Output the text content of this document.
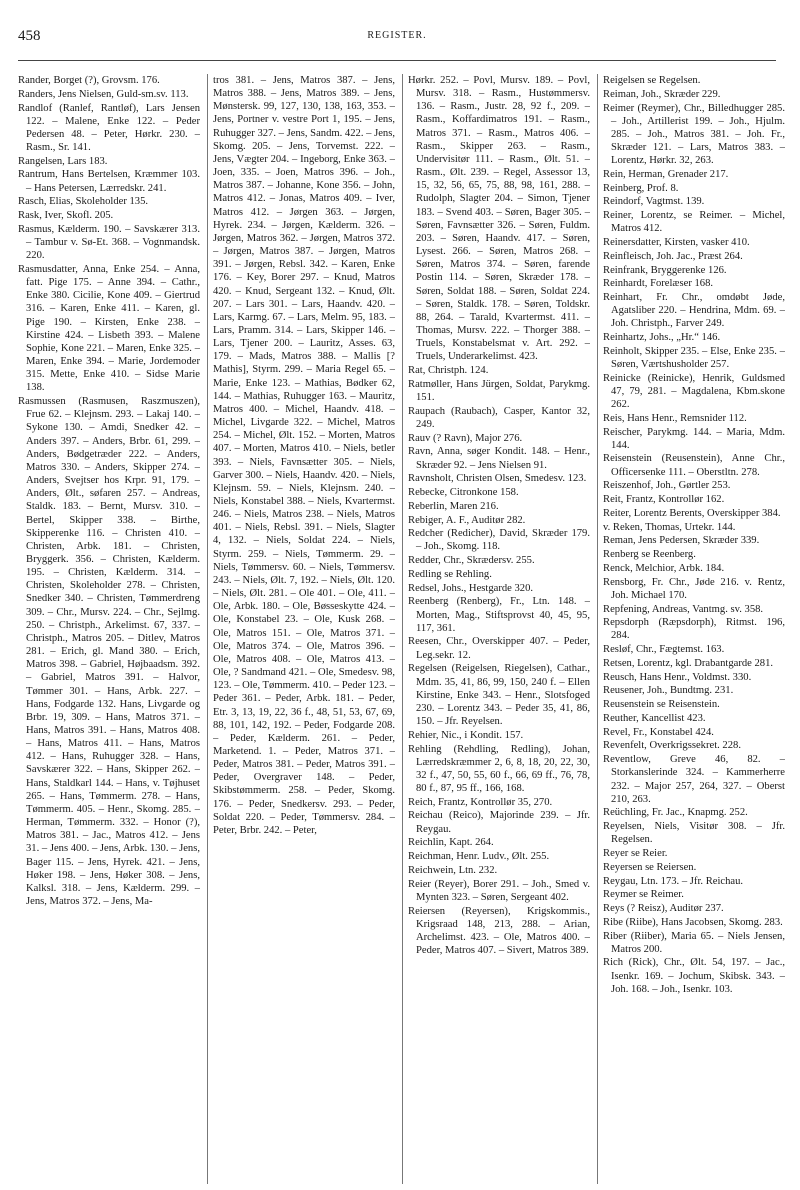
458	REGISTER.

Rander, Borget (?), Grovsm. 176.

Randers, Jens Nielsen, Guld-sm.sv. 113.

Randlof (Ranlef, Rantløf), Lars Jensen 122. – Malene, Enke 122. – Peder Pedersen 48. – Peter, Hørkr. 230. – Rasm., Sr. 141.

Rangelsen, Lars 183.

Rantrum, Hans Bertelsen, Kræmmer 103. – Hans Petersen, Lærredskr. 241.

Rasch, Elias, Skoleholder 135.

Rask, Iver, Skofl. 205.

Rasmus, Kælderm. 190. – Savskærer 313. – Tambur v. Sø-Et. 368. – Vognmandsk. 220.

Rasmusdatter, Anna, Enke 254. – Anna, fatt. Pige 175. – Anne 394. – Cathr., Enke 380. Cicilie, Kone 409. – Giertrud 316. – Karen, Enke 411. – Karen, gl. Pige 190. – Kirsten, Enke 238. – Kirstine 424. – Lisbeth 393. – Malene Sophie, Kone 221. – Maren, Enke 325. – Maren, Enke 394. – Marie, Jordemoder 315. Mette, Enke 410. – Sidse Marie 138.

Rasmussen (Rasmusen, Raszmuszen), Frue 62. – Klejnsm. 293. – Lakaj 140. – Sykone 130. – Amdi, Snedker 42. – Anders 397. – Anders, Brbr. 61, 299. – Anders, Bødgetræder 222. – Anders, Matros 330. – Anders, Skipper 274. – Anders, Svejtser hos Krpr. 91, 179. – Anders, Ølt., søfaren 257. – Andreas, Staldk. 183. – Bernt, Mursv. 310. – Bertel, Skipper 338. – Birthe, Skipperenke 116. – Christen 410. – Christen, Arbk. 181. – Christen, Bryggerk. 356. – Christen, Kælderm. 195. – Christen, Kælderm. 314. – Christen, Skoleholder 278. – Christen, Snedker 340. – Christen, Tømmerdreng 309. – Chr., Mursv. 224. – Chr., Sejlmg. 250. – Christph., Arkelimst. 67, 337. – Christph., Matros 205. – Ditlev, Matros 281. – Erich, gl. Mand 380. – Erich, Matros 398. – Gabriel, Højbaadsm. 392. – Gabriel, Matros 391. – Halvor, Tømmer 301. – Hans, Arbk. 227. – Hans, Fodgarde 132. Hans, Livgarde og Brbr. 19, 309. – Hans, Matros 371. – Hans, Matros 391. – Hans, Matros 408. – Hans, Matros 411. – Hans, Matros 412. – Hans, Ruhugger 328. – Hans, Savskærer 322. – Hans, Skipper 262. – Hans, Staldkarl 144. – Hans, v. Tøjhuset 265. – Hans, Tømmerm. 278. – Hans, Tømmerm. 405. – Henr., Skomg. 285. – Herman, Tømmerm. 332. – Honor (?), Matros 381. – Jac., Matros 412. – Jens 31. – Jens 400. – Jens, Arbk. 130. – Jens, Bager 115. – Jens, Hyrek. 421. – Jens, Høker 198. – Jens, Høker 308. – Jens, Kalksl. 318. – Jens, Kælderm. 299. – Jens, Matros 372. – Jens, Ma-

tros 381. – Jens, Matros 387. – Jens, Matros 388. – Jens, Matros 389. – Jens, Mønstersk. 99, 127, 130, 138, 163, 353. – Jens, Portner v. vestre Port 1, 195. – Jens, Ruhugger 327. – Jens, Sandm. 422. – Jens, Skomg. 205. – Jens, Torvemst. 222. – Jens, Vægter 204. – Ingeborg, Enke 363. – Joen, 335. – Joen, Matros 396. – Joh., Matros 387. – Johanne, Kone 356. – John, Matros 412. – Jonas, Matros 409. – Iver, Matros 412. – Jørgen 363. – Jørgen, Hyrek. 234. – Jørgen, Kælderm. 326. – Jørgen, Matros 362. – Jørgen, Matros 372. – Jørgen, Matros 387. – Jørgen, Matros 391. – Jørgen, Rebsl. 342. – Karen, Enke 176. – Key, Borer 297. – Knud, Matros 420. – Knud, Sergeant 132. – Knud, Ølt. 207. – Lars 301. – Lars, Haandv. 420. – Lars, Karmg. 67. – Lars, Melm. 95, 183. – Lars, Pramm. 314. – Lars, Skipper 146. – Lars, Tjener 200. – Lauritz, Asses. 63, 179. – Mads, Matros 388. – Mallis [? Mathis], Styrm. 299. – Maria Regel 65. – Marie, Enke 123. – Mathias, Bødker 62, 144. – Mathias, Ruhugger 163. – Mauritz, Matros 400. – Michel, Haandv. 418. – Michel, Livgarde 322. – Michel, Matros 254. – Michel, Ølt. 152. – Morten, Matros 407. – Morten, Matros 410. – Niels, betler 393. – Niels, Favnsætter 305. – Niels, Garver 300. – Niels, Haandv. 420. – Niels, Klejnsm. 59. – Niels, Klejnsm. 240. – Niels, Konstabel 388. – Niels, Kvartermst. 246. – Niels, Matros 238. – Niels, Matros 401. – Niels, Rebsl. 391. – Niels, Slagter 4, 132. – Niels, Soldat 224. – Niels, Styrm. 259. – Niels, Tømmerm. 29. – Niels, Tømmersv. 60. – Niels, Tømmersv. 243. – Niels, Ølt. 7, 192. – Niels, Ølt. 120. – Niels, Ølt. 281. – Ole 401. – Ole, 411. – Ole, Arbk. 180. – Ole, Bøsseskytte 424. – Ole, Konstabel 23. – Ole, Kusk 268. – Ole, Matros 151. – Ole, Matros 371. – Ole, Matros 374. – Ole, Matros 396. – Ole, Matros 408. – Ole, Matros 413. – Ole, ? Sandmand 421. – Ole, Smedesv. 98, 123. – Ole, Tømmerm. 410. – Peder 123. – Peder 361. – Peder, Arbk. 181. – Peder, Etr. 3, 13, 19, 22, 36 f., 48, 51, 53, 67, 69, 88, 101, 142, 192. – Peder, Fodgarde 208. – Peder, Kælderm. 261. – Peder, Marketend. 1. – Peder, Matros 371. – Peder, Matros 381. – Peder, Matros 391. – Peder, Overgraver 148. – Peder, Skibstømmerm. 258. – Peder, Skomg. 176. – Peder, Snedkersv. 293. – Peder, Soldat 220. – Peder, Tømmersv. 284. – Peter, Brbr. 242. – Peter,

Hørkr. 252. – Povl, Mursv. 189. – Povl, Mursv. 318. – Rasm., Hustømmersv. 136. – Rasm., Justr. 28, 92 f., 209. – Rasm., Koffardimatros 191. – Rasm., Matros 371. – Rasm., Matros 406. – Rasm., Skipper 263. – Rasm., Undervisitør 111. – Rasm., Ølt. 51. – Rasm., Ølt. 239. – Regel, Assessor 13, 15, 32, 56, 65, 75, 88, 98, 161, 288. – Rudolph, Slagter 204. – Simon, Tjener 183. – Svend 403. – Søren, Bager 305. – Søren, Favnsætter 326. – Søren, Fuldm. 203. – Søren, Haandv. 417. – Søren, Lysest. 266. – Søren, Matros 268. – Søren, Matros 374. – Søren, farende Postin 114. – Søren, Skræder 178. – Søren, Soldat 188. – Søren, Soldat 224. – Søren, Staldk. 178. – Søren, Toldskr. 88, 264. – Tarald, Kvartermst. 411. – Thomas, Mursv. 222. – Thorger 388. – Truels, Konstabelsmat v. Art. 292. – Truels, Underarkelimst. 423.

Rat, Christph. 124.

Ratmøller, Hans Jürgen, Soldat, Parykmg. 151.

Raupach (Raubach), Casper, Kantor 32, 249.

Rauv (? Ravn), Major 276.

Ravn, Anna, søger Kondit. 148. – Henr., Skræder 92. – Jens Nielsen 91.

Ravnsholt, Christen Olsen, Smedesv. 123.

Rebecke, Citronkone 158.

Reberlin, Maren 216.

Rebiger, A. F., Auditør 282.

Redcher (Redicher), David, Skræder 179. – Joh., Skomg. 118.

Redder, Chr., Skrædersv. 255.

Redling se Rehling.

Redsel, Johs., Hestgarde 320.

Reenberg (Renberg), Fr., Ltn. 148. – Morten, Mag., Stiftsprovst 40, 45, 95, 117, 361.

Reesen, Chr., Overskipper 407. – Peder, Leg.sekr. 12.

Regelsen (Reigelsen, Riegelsen), Cathar., Mdm. 35, 41, 86, 99, 150, 240 f. – Ellen Kirstine, Enke 343. – Henr., Slotsfoged 230. – Lorentz 343. – Peder 35, 41, 86, 150. – Jfr. Reyelsen.

Rehier, Nic., i Kondit. 157.

Rehling (Rehdling, Redling), Johan, Lærredskræmmer 2, 6, 8, 18, 20, 22, 30, 32 f., 47, 50, 55, 60 f., 66, 69 ff., 76, 78, 80 f., 87, 95 ff., 166, 168.

Reich, Frantz, Kontrollør 35, 270.

Reichau (Reico), Majorinde 239. – Jfr. Reygau.

Reichlin, Kapt. 264.

Reichman, Henr. Ludv., Ølt. 255.

Reichwein, Ltn. 232.

Reier (Reyer), Borer 291. – Joh., Smed v. Mynten 323. – Søren, Sergeant 402.

Reiersen (Reyersen), Krigskommis., Krigsraad 148, 213, 288. – Arian, Archelimst. 423. – Ole, Matros 400. – Peder, Matros 407. – Sivert, Matros 389.

Reigelsen se Regelsen.

Reiman, Joh., Skræder 229.

Reimer (Reymer), Chr., Billedhugger 285. – Joh., Artillerist 199. – Joh., Hjulm. 285. – Joh., Matros 381. – Joh. Fr., Skræder 121. – Lars, Matros 383. – Lorentz, Hørkr. 32, 263.

Rein, Herman, Grenader 217.

Reinberg, Prof. 8.

Reindorf, Vagtmst. 139.

Reiner, Lorentz, se Reimer. – Michel, Matros 412.

Reinersdatter, Kirsten, vasker 410.

Reinfleisch, Joh. Jac., Præst 264.

Reinfrank, Bryggerenke 126.

Reinhardt, Forelæser 168.

Reinhart, Fr. Chr., omdøbt Jøde, Agatsliber 220. – Hendrina, Mdm. 69. – Joh. Christph., Farver 249.

Reinhartz, Johs., „Hr.“ 146.

Reinholt, Skipper 235. – Else, Enke 235. – Søren, Værtshusholder 257.

Reinicke (Reinicke), Henrik, Guldsmed 47, 79, 281. – Magdalena, Kbm.skone 262.

Reis, Hans Henr., Remsnider 112.

Reischer, Parykmg. 144. – Maria, Mdm. 144.

Reisenstein (Reusenstein), Anne Chr., Officersenke 111. – Oberstltn. 278.

Reiszenhof, Joh., Gørtler 253.

Reit, Frantz, Kontrollør 162.

Reiter, Lorentz Berents, Overskipper 384.

v. Reken, Thomas, Urtekr. 144.

Reman, Jens Pedersen, Skræder 339.

Renberg se Reenberg.

Renck, Melchior, Arbk. 184.

Rensborg, Fr. Chr., Jøde 216. v. Rentz, Joh. Michael 170.

Repfening, Andreas, Vantmg. sv. 358.

Repsdorph (Ræpsdorph), Ritmst. 196, 284.

Resløf, Chr., Fægtemst. 163.

Retsen, Lorentz, kgl. Drabantgarde 281.

Reusch, Hans Henr., Voldmst. 330.

Reusener, Joh., Bundtmg. 231.

Reusenstein se Reisenstein.

Reuther, Kancellist 423.

Revel, Fr., Konstabel 424.

Revenfelt, Overkrigssekret. 228.

Reventlow, Greve 46, 82. – Storkanslerinde 324. – Kammerherre 232. – Major 257, 264, 327. – Oberst 210, 263.

Reüchling, Fr. Jac., Knapmg. 252.

Reyelsen, Niels, Visitør 308. – Jfr. Regelsen.

Reyer se Reier.

Reyersen se Reiersen.

Reygau, Ltn. 173. – Jfr. Reichau.

Reymer se Reimer.

Reys (? Reisz), Auditør 237.

Ribe (Riibe), Hans Jacobsen, Skomg. 283.

Riber (Riiber), Maria 65. – Niels Jensen, Matros 200.

Rich (Rick), Chr., Ølt. 54, 197. – Jac., Isenkr. 169. – Jochum, Skibsk. 343. – Joh. 168. – Joh., Isenkr. 103.
